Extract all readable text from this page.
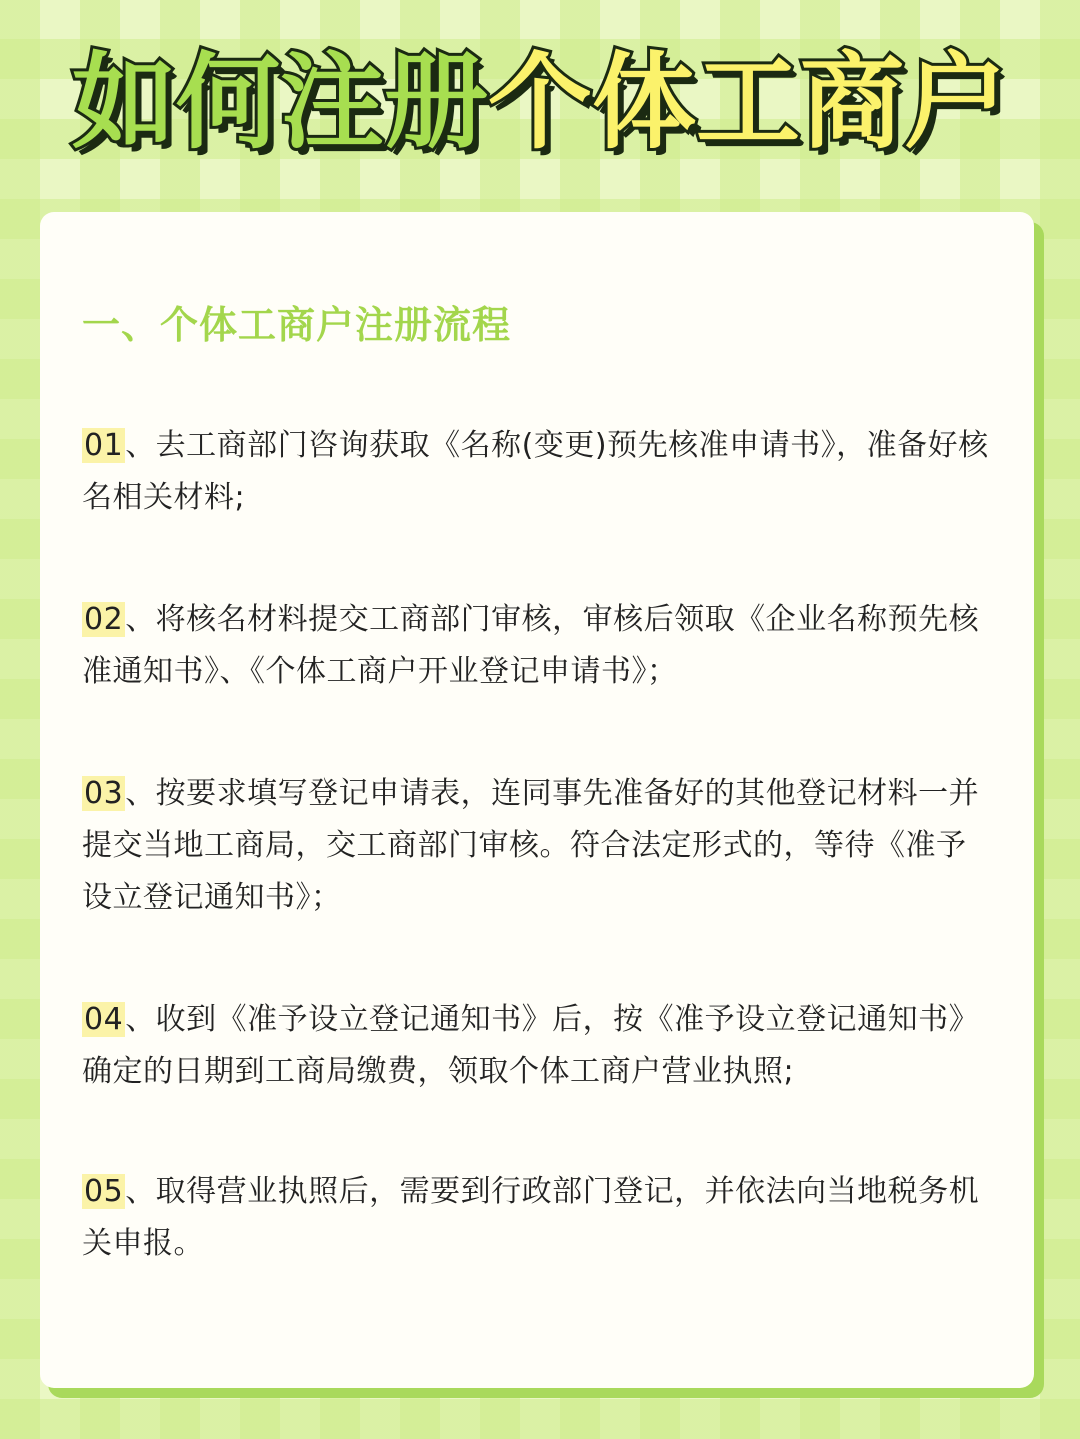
如何注册个体工商户
一、个体工商户注册流程
01、去工商部门咨询获取《名称(变更)预先核准申请书》，准备好核 名相关材料;
02、将核名材料提交工商部门审核，审核后领取《企业名称预先核准通知书》、《个体工商户开业登记申请书》；
03、按要求填写登记申请表，连同事先准备好的其他登记材料一并提交当地工商局，交工商部门审核。符合法定形式的，等待《准予设立登记通知书》；
04、收到《准予设立登记通知书》后，按《准予设立登记通知书》确定的日期到工商局缴费，领取个体工商户营业执照;
05、取得营业执照后，需要到行政部门登记，并依法向当地税务机关申报。
